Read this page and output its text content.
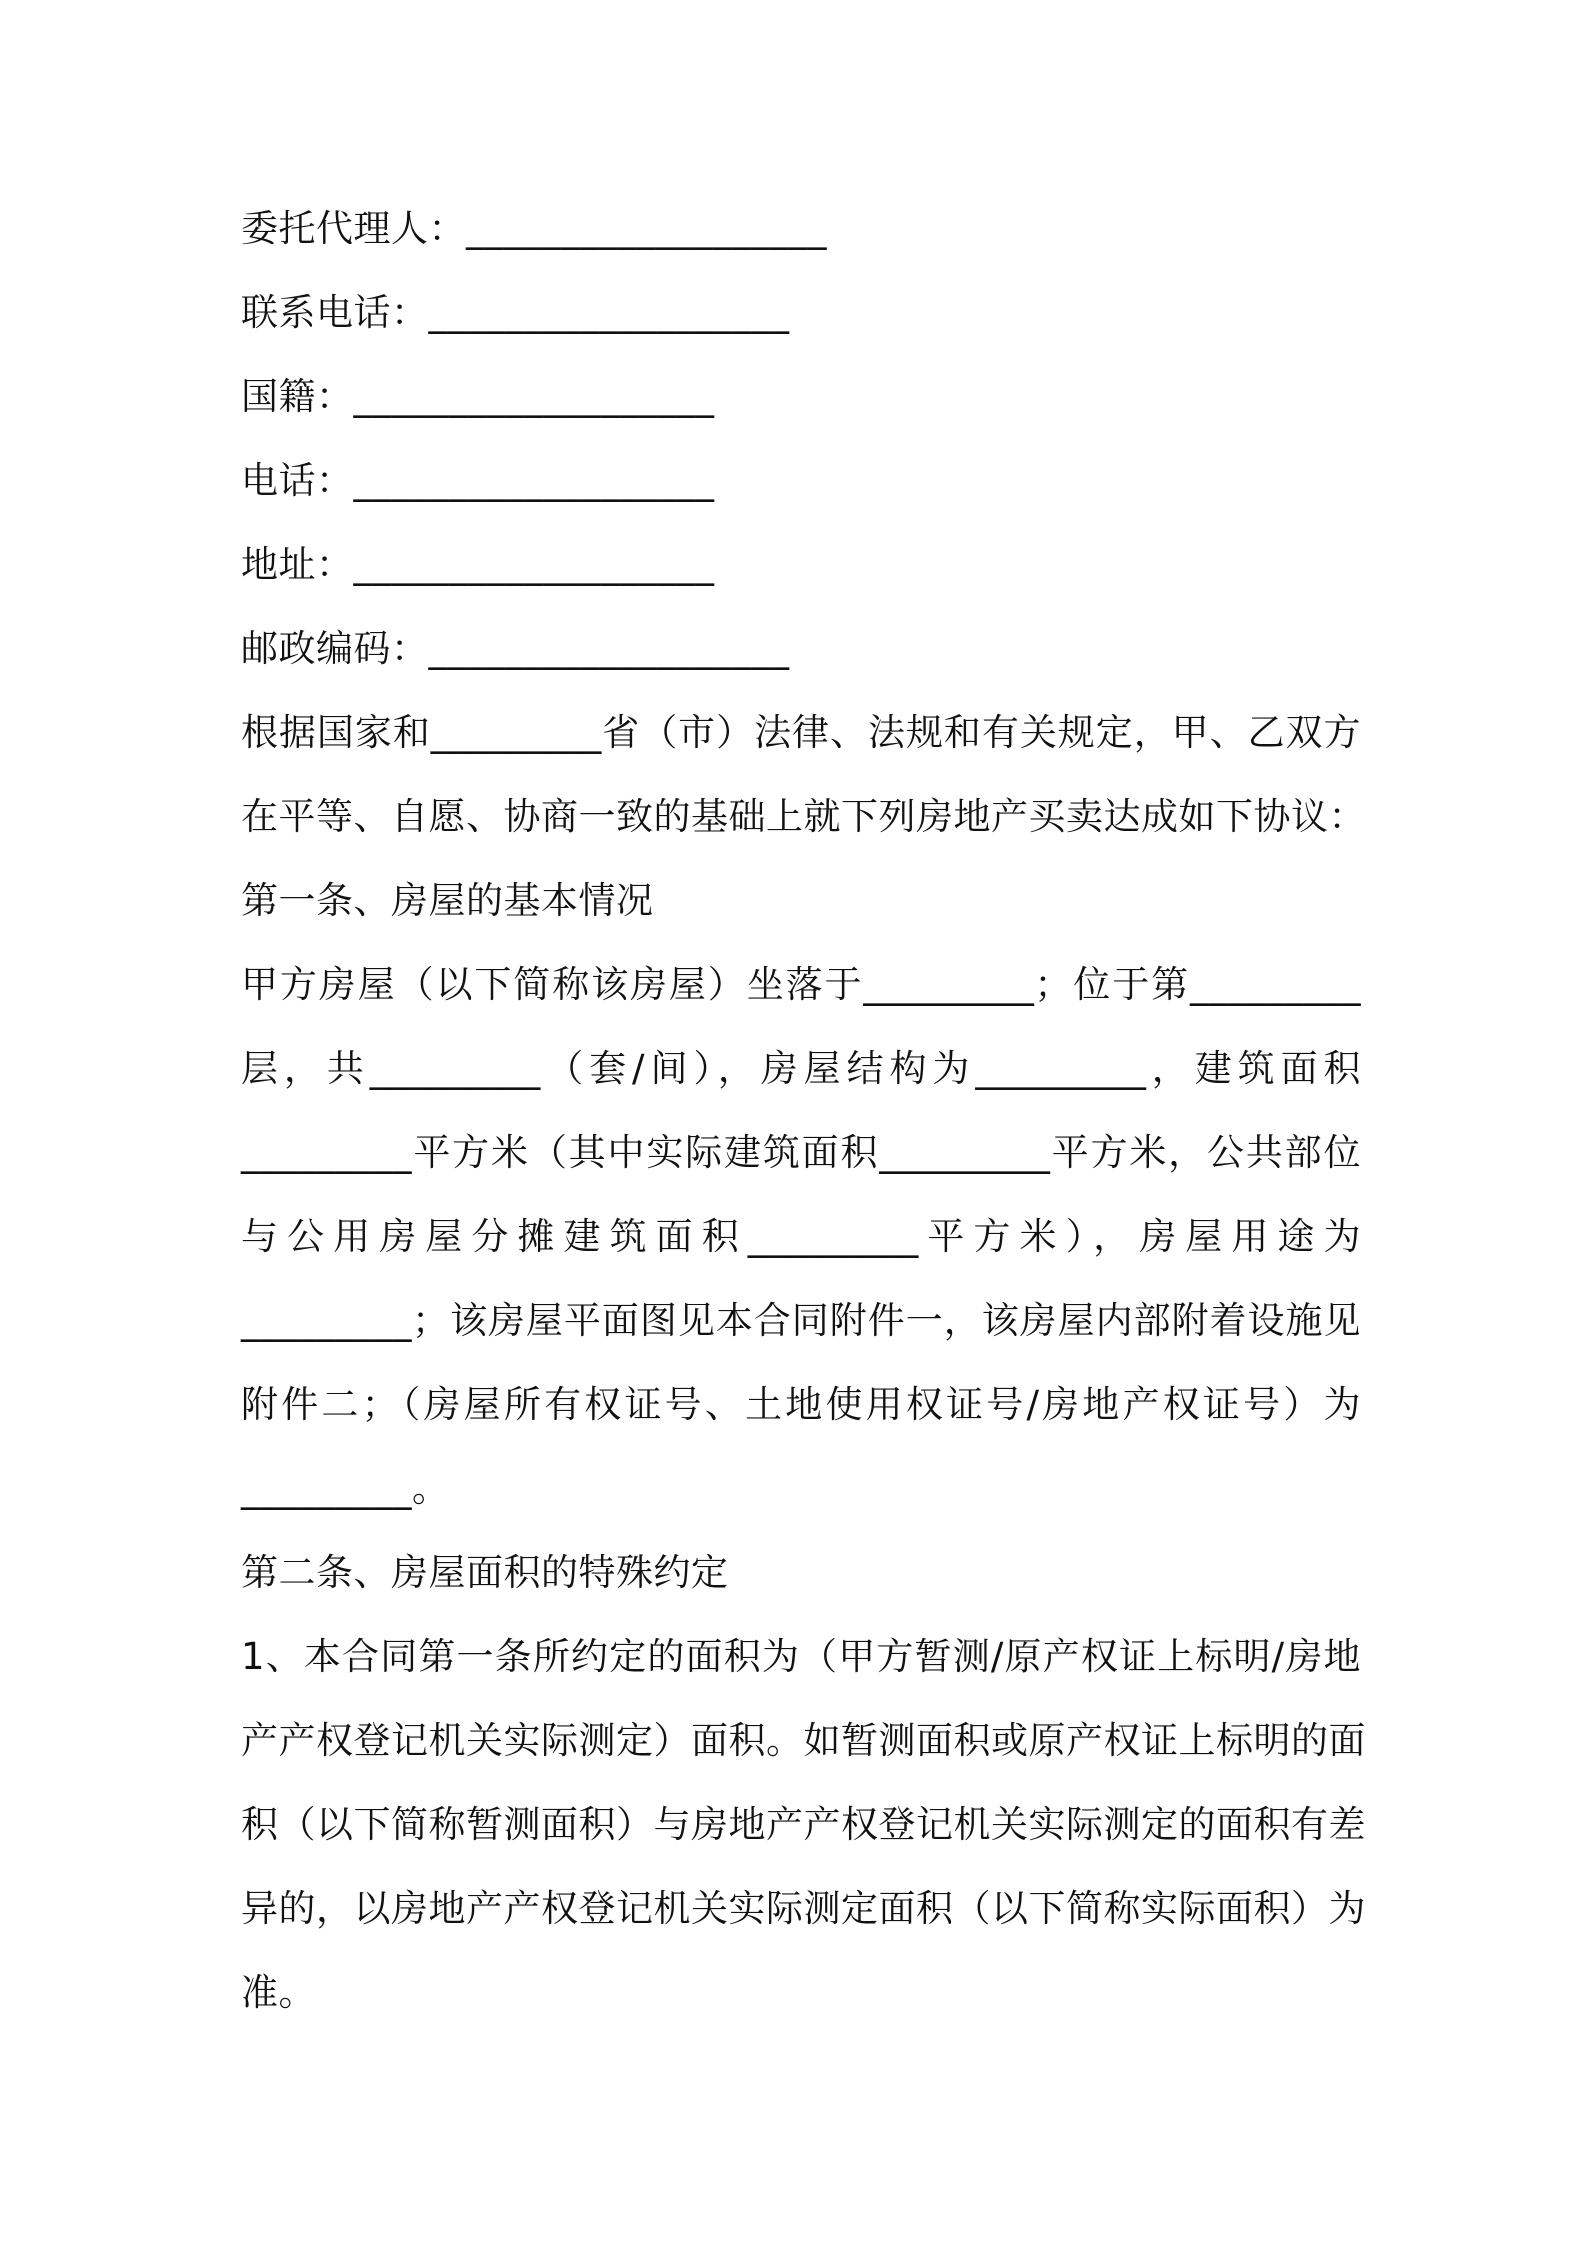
委托代理人：___________________

联系电话：___________________

国籍：___________________

电话：___________________

地址：___________________

邮政编码：___________________

根据国家和_________省（市）法律、法规和有关规定，甲、乙双方

在平等、自愿、协商一致的基础上就下列房地产买卖达成如下协议：

第一条、房屋的基本情况

甲方房屋（以下简称该房屋）坐落于_________；位于第_________

层，共_________（套/间），房屋结构为_________，建筑面积

_________平方米（其中实际建筑面积_________平方米，公共部位

与公用房屋分摊建筑面积_________平方米），房屋用途为

_________；该房屋平面图见本合同附件一，该房屋内部附着设施见

附件二；（房屋所有权证号、土地使用权证号/房地产权证号）为

_________。

第二条、房屋面积的特殊约定

1、本合同第一条所约定的面积为（甲方暂测/原产权证上标明/房地

产产权登记机关实际测定）面积。如暂测面积或原产权证上标明的面

积（以下简称暂测面积）与房地产产权登记机关实际测定的面积有差

异的，以房地产产权登记机关实际测定面积（以下简称实际面积）为

准。
